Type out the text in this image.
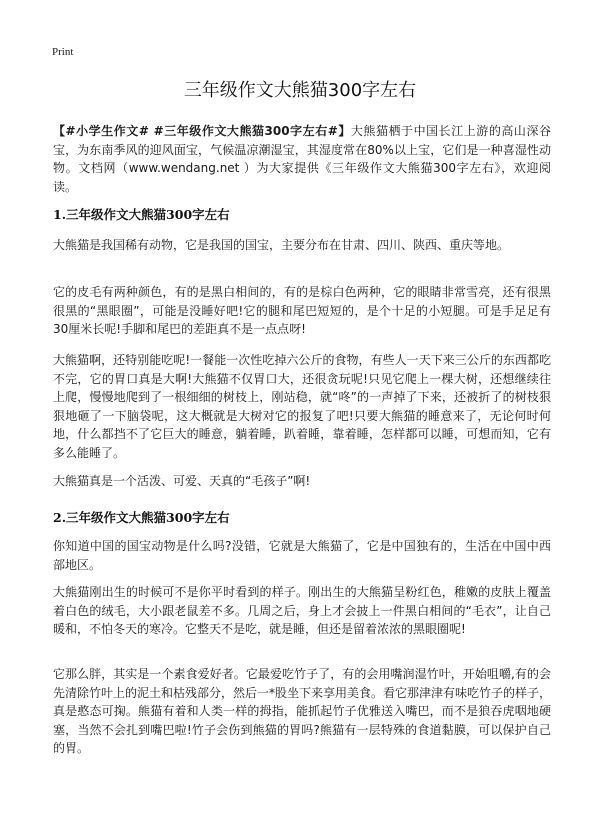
Print
三年级作文大熊猫300字左右

【#小学生作文# #三年级作文大熊猫300字左右#】大熊猫栖于中国长江上游的高山深谷宝，为东南季风的迎风面宝，气候温凉潮湿宝，其湿度常在80%以上宝，它们是一种喜湿性动物。文档网（www.wendang.net ）为大家提供《三年级作文大熊猫300字左右》，欢迎阅读。

1.三年级作文大熊猫300字左右

大熊猫是我国稀有动物，它是我国的国宝，主要分布在甘肃、四川、陕西、重庆等地。

它的皮毛有两种颜色，有的是黑白相间的，有的是棕白色两种，它的眼睛非常雪亮，还有很黑很黑的“黑眼圈”，可能是没睡好吧!它的腿和尾巴短短的，是个十足的小短腿。可是手足足有30厘米长呢!手脚和尾巴的差距真不是一点点呀!

大熊猫啊，还特别能吃呢!一餐能一次性吃掉六公斤的食物，有些人一天下来三公斤的东西都吃不完，它的胃口真是大啊!大熊猫不仅胃口大，还很贪玩呢!只见它爬上一棵大树，还想继续往上爬，慢慢地爬到了一根细细的树枝上，刚站稳，就“咚”的一声掉了下来，还被折了的树枝狠狠地砸了一下脑袋呢，这大概就是大树对它的报复了吧!只要大熊猫的睡意来了，无论何时何地，什么都挡不了它巨大的睡意，躺着睡，趴着睡，靠着睡，怎样都可以睡，可想而知，它有多么能睡了。

大熊猫真是一个活泼、可爱、天真的“毛孩子”啊!

2.三年级作文大熊猫300字左右

你知道中国的国宝动物是什么吗?没错，它就是大熊猫了，它是中国独有的，生活在中国中西部地区。

大熊猫刚出生的时候可不是你平时看到的样子。刚出生的大熊猫呈粉红色，稚嫩的皮肤上覆盖着白色的绒毛，大小跟老鼠差不多。几周之后，身上才会披上一件黑白相间的“毛衣”，让自己暖和，不怕冬天的寒冷。它整天不是吃，就是睡，但还是留着浓浓的黑眼圈呢!

它那么胖，其实是一个素食爱好者。它最爱吃竹子了，有的会用嘴润湿竹叶，开始咀嚼,有的会先清除竹叶上的泥土和枯残部分，然后一*股坐下来享用美食。看它那津津有味吃竹子的样子，真是憨态可掬。熊猫有着和人类一样的拇指，能抓起竹子优雅送入嘴巴，而不是狼吞虎咽地硬塞，当然不会扎到嘴巴啦!竹子会伤到熊猫的胃吗?熊猫有一层特殊的食道黏膜，可以保护自己的胃。
